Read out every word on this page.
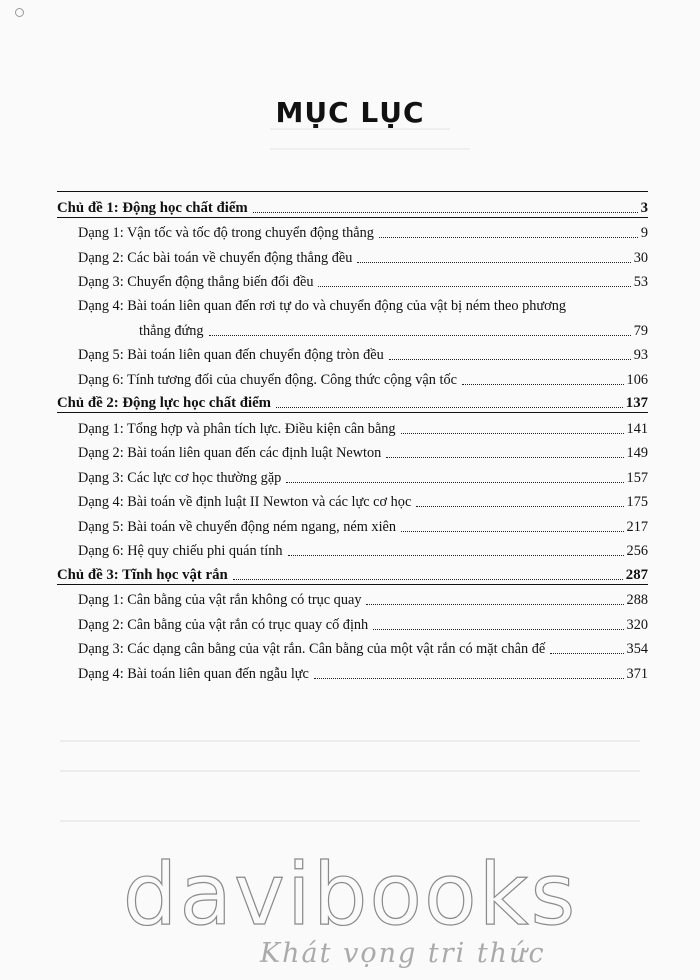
MỤC LỤC
Chủ đề 1: Động học chất điểm	3
Dạng 1: Vận tốc và tốc độ trong chuyển động thẳng	9
Dạng 2: Các bài toán về chuyển động thẳng đều	30
Dạng 3: Chuyển động thẳng biến đổi đều	53
Dạng 4: Bài toán liên quan đến rơi tự do và chuyển động của vật bị ném theo phương
thẳng đứng	79
Dạng 5: Bài toán liên quan đến chuyển động tròn đều	93
Dạng 6: Tính tương đối của chuyển động. Công thức cộng vận tốc	106
Chủ đề 2: Động lực học chất điểm	137
Dạng 1: Tổng hợp và phân tích lực. Điều kiện cân bằng	141
Dạng 2: Bài toán liên quan đến các định luật Newton	149
Dạng 3: Các lực cơ học thường gặp	157
Dạng 4: Bài toán về định luật II Newton và các lực cơ học	175
Dạng 5: Bài toán về chuyển động ném ngang, ném xiên	217
Dạng 6: Hệ quy chiếu phi quán tính	256
Chủ đề 3: Tĩnh học vật rắn	287
Dạng 1: Cân bằng của vật rắn không có trục quay	288
Dạng 2: Cân bằng của vật rắn có trục quay cố định	320
Dạng 3: Các dạng cân bằng của vật rắn. Cân bằng của một vật rắn có mặt chân đế	354
Dạng 4: Bài toán liên quan đến ngẫu lực	371
davibooks
Khát vọng tri thức
